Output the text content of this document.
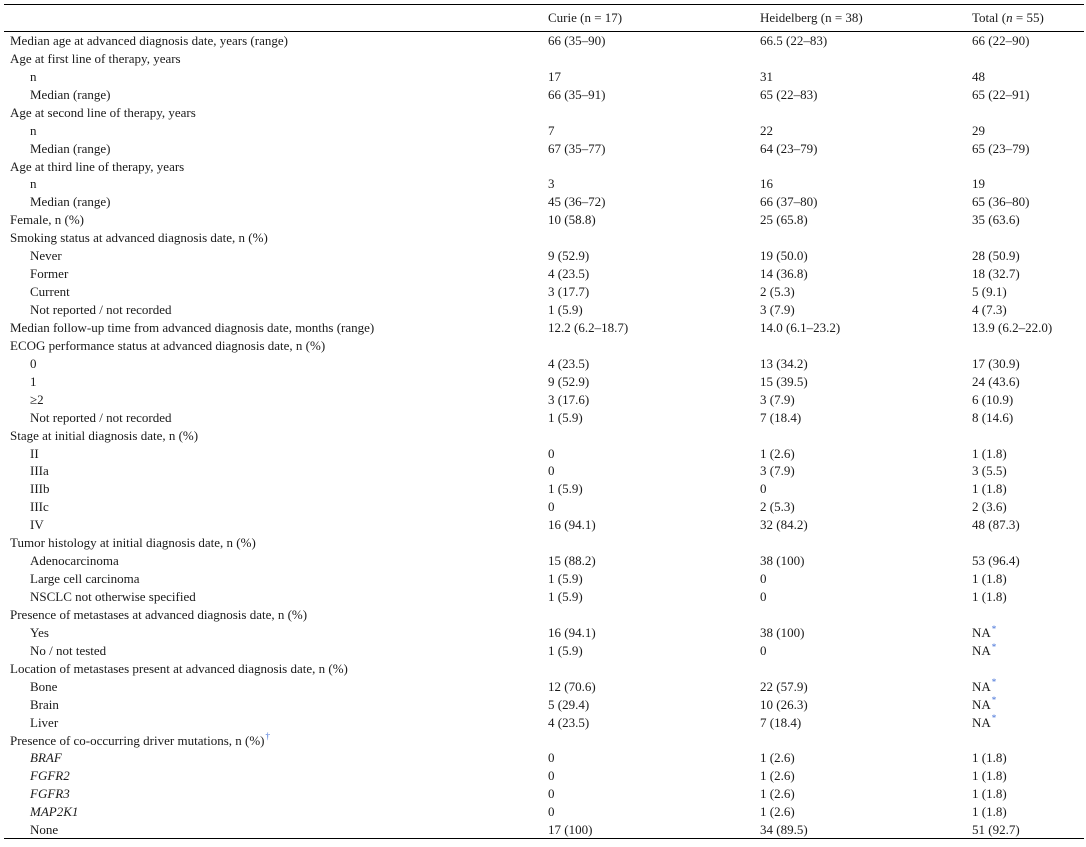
	Curie (n = 17)	Heidelberg (n = 38)	Total (n = 55)
Median age at advanced diagnosis date, years (range)	66 (35–90)	66.5 (22–83)	66 (22–90)
Age at first line of therapy, years			
n	17	31	48
Median (range)	66 (35–91)	65 (22–83)	65 (22–91)
Age at second line of therapy, years			
n	7	22	29
Median (range)	67 (35–77)	64 (23–79)	65 (23–79)
Age at third line of therapy, years			
n	3	16	19
Median (range)	45 (36–72)	66 (37–80)	65 (36–80)
Female, n (%)	10 (58.8)	25 (65.8)	35 (63.6)
Smoking status at advanced diagnosis date, n (%)			
Never	9 (52.9)	19 (50.0)	28 (50.9)
Former	4 (23.5)	14 (36.8)	18 (32.7)
Current	3 (17.7)	2 (5.3)	5 (9.1)
Not reported / not recorded	1 (5.9)	3 (7.9)	4 (7.3)
Median follow-up time from advanced diagnosis date, months (range)	12.2 (6.2–18.7)	14.0 (6.1–23.2)	13.9 (6.2–22.0)
ECOG performance status at advanced diagnosis date, n (%)			
0	4 (23.5)	13 (34.2)	17 (30.9)
1	9 (52.9)	15 (39.5)	24 (43.6)
≥2	3 (17.6)	3 (7.9)	6 (10.9)
Not reported / not recorded	1 (5.9)	7 (18.4)	8 (14.6)
Stage at initial diagnosis date, n (%)			
II	0	1 (2.6)	1 (1.8)
IIIa	0	3 (7.9)	3 (5.5)
IIIb	1 (5.9)	0	1 (1.8)
IIIc	0	2 (5.3)	2 (3.6)
IV	16 (94.1)	32 (84.2)	48 (87.3)
Tumor histology at initial diagnosis date, n (%)			
Adenocarcinoma	15 (88.2)	38 (100)	53 (96.4)
Large cell carcinoma	1 (5.9)	0	1 (1.8)
NSCLC not otherwise specified	1 (5.9)	0	1 (1.8)
Presence of metastases at advanced diagnosis date, n (%)			
Yes	16 (94.1)	38 (100)	NA*
No / not tested	1 (5.9)	0	NA*
Location of metastases present at advanced diagnosis date, n (%)			
Bone	12 (70.6)	22 (57.9)	NA*
Brain	5 (29.4)	10 (26.3)	NA*
Liver	4 (23.5)	7 (18.4)	NA*
Presence of co-occurring driver mutations, n (%)†			
BRAF	0	1 (2.6)	1 (1.8)
FGFR2	0	1 (2.6)	1 (1.8)
FGFR3	0	1 (2.6)	1 (1.8)
MAP2K1	0	1 (2.6)	1 (1.8)
None	17 (100)	34 (89.5)	51 (92.7)
